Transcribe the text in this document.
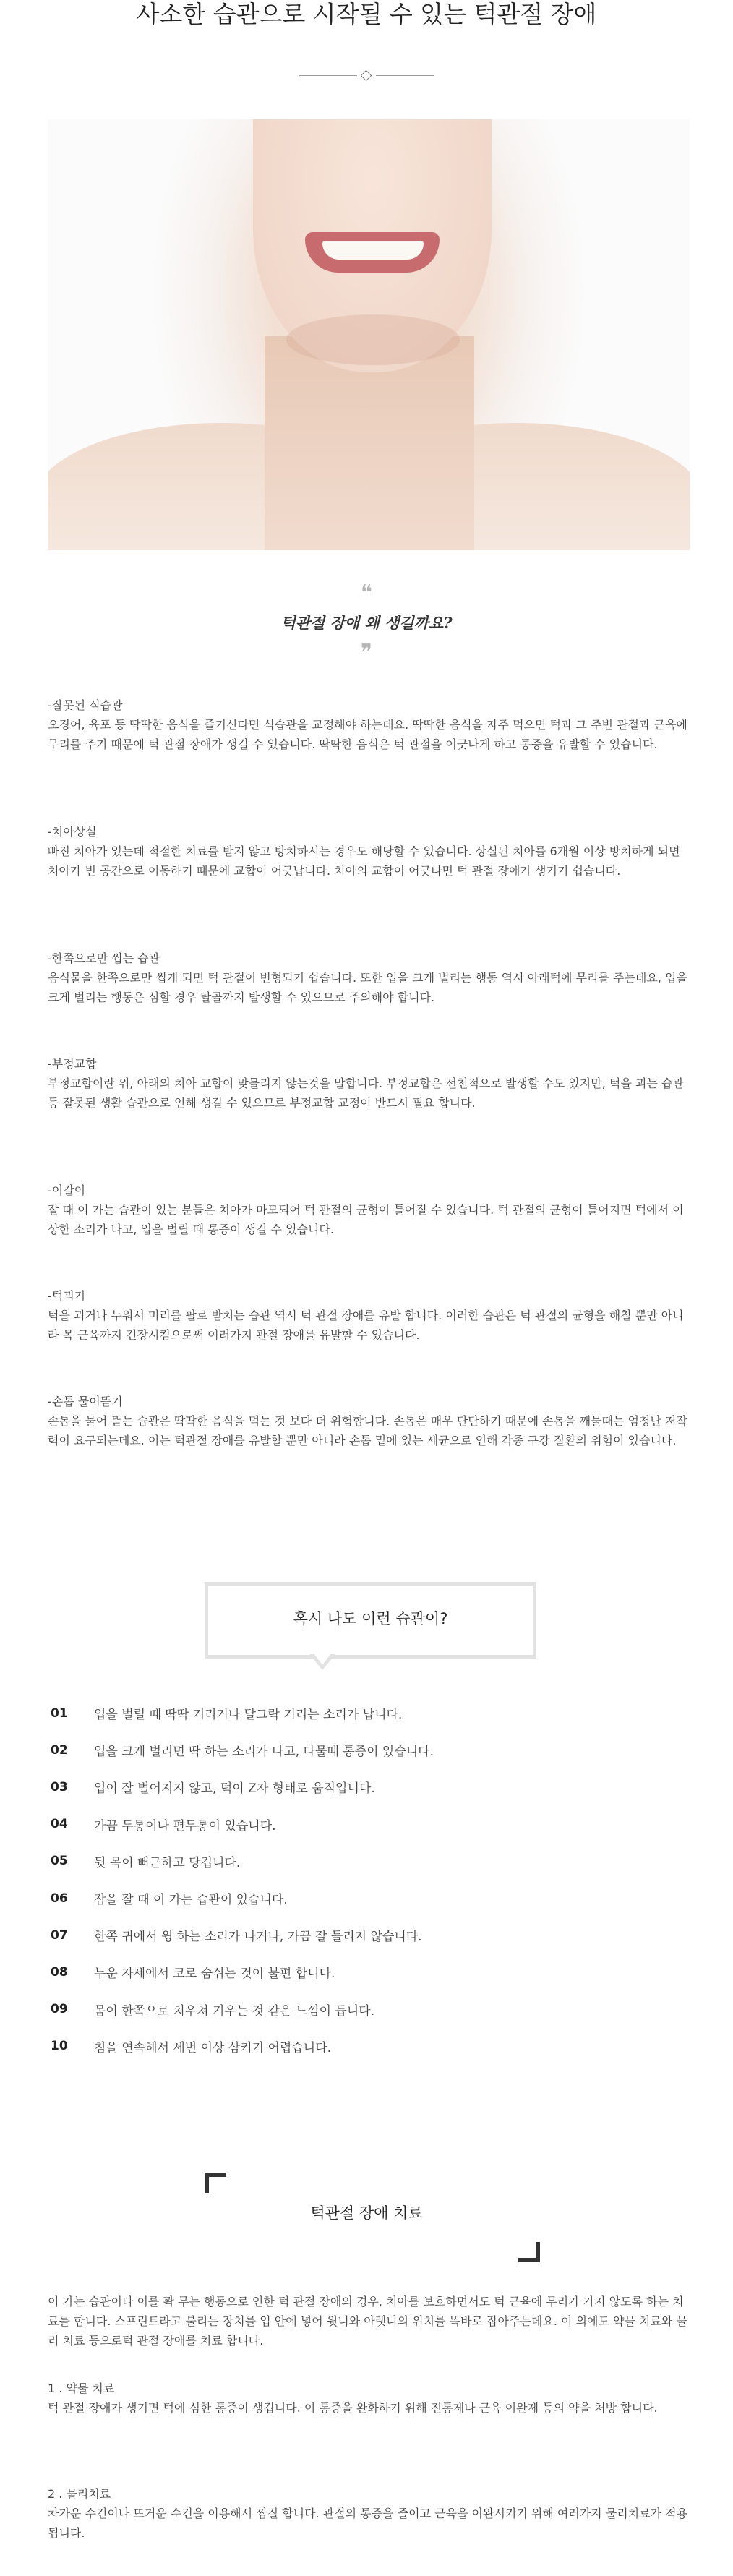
사소한 습관으로 시작될 수 있는 턱관절 장애
❝
턱관절 장애 왜 생길까요?
❞
-잘못된 식습관
오징어, 육포 등 딱딱한 음식을 즐기신다면 식습관을 교정해야 하는데요. 딱딱한 음식을 자주 먹으면 턱과 그 주변 관절과 근육에 무리를 주기 때문에 턱 관절 장애가 생길 수 있습니다. 딱딱한 음식은 턱 관절을 어긋나게 하고 통증을 유발할 수 있습니다.
-치아상실
빠진 치아가 있는데 적절한 치료를 받지 않고 방치하시는 경우도 해당할 수 있습니다. 상실된 치아를 6개월 이상 방치하게 되면 치아가 빈 공간으로 이동하기 때문에 교합이 어긋납니다. 치아의 교합이 어긋나면 턱 관절 장애가 생기기 쉽습니다.
-한쪽으로만 씹는 습관
음식물을 한쪽으로만 씹게 되면 턱 관절이 변형되기 쉽습니다. 또한 입을 크게 벌리는 행동 역시 아래턱에 무리를 주는데요, 입을 크게 벌리는 행동은 심할 경우 탈골까지 발생할 수 있으므로 주의해야 합니다.
-부정교합
부정교합이란 위, 아래의 치아 교합이 맞물리지 않는것을 말합니다. 부정교합은 선천적으로 발생할 수도 있지만, 턱을 괴는 습관 등 잘못된 생활 습관으로 인해 생길 수 있으므로 부정교합 교정이 반드시 필요 합니다.
-이갈이
잘 때 이 가는 습관이 있는 분들은 치아가 마모되어 턱 관절의 균형이 틀어질 수 있습니다. 턱 관절의 균형이 틀어지면 턱에서 이상한 소리가 나고, 입을 벌릴 때 통증이 생길 수 있습니다.
-턱괴기
턱을 괴거나 누워서 머리를 팔로 받치는 습관 역시 턱 관절 장애를 유발 합니다. 이러한 습관은 턱 관절의 균형을 해칠 뿐만 아니라 목 근육까지 긴장시킴으로써 여러가지 관절 장애를 유발할 수 있습니다.
-손톱 물어뜯기
손톱을 물어 뜯는 습관은 딱딱한 음식을 먹는 것 보다 더 위험합니다. 손톱은 매우 단단하기 때문에 손톱을 깨물때는 엄청난 저작력이 요구되는데요. 이는 턱관절 장애를 유발할 뿐만 아니라 손톱 밑에 있는 세균으로 인해 각종 구강 질환의 위험이 있습니다.
혹시 나도 이런 습관이?
01	입을 벌릴 때 딱딱 거리거나 달그락 거리는 소리가 납니다.
02	입을 크게 벌리면 딱 하는 소리가 나고, 다물때 통증이 있습니다.
03	입이 잘 벌어지지 않고, 턱이 Z자 형태로 움직입니다.
04	가끔 두통이나 편두통이 있습니다.
05	뒷 목이 뻐근하고 당깁니다.
06	잠을 잘 때 이 가는 습관이 있습니다.
07	한쪽 귀에서 윙 하는 소리가 나거나, 가끔 잘 들리지 않습니다.
08	누운 자세에서 코로 숨쉬는 것이 불편 합니다.
09	몸이 한쪽으로 치우쳐 기우는 것 같은 느낌이 듭니다.
10	침을 연속해서 세번 이상 삼키기 어렵습니다.
턱관절 장애 치료
이 가는 습관이나 이를 꽉 무는 행동으로 인한 턱 관절 장애의 경우, 치아를 보호하면서도 턱 근육에 무리가 가지 않도록 하는 치료를 합니다. 스프린트라고 불리는 장치를 입 안에 넣어 윗니와 아랫니의 위치를 똑바로 잡아주는데요. 이 외에도 약물 치료와 물리 치료 등으로턱 관절 장애를 치료 합니다.
1 . 약물 치료
턱 관절 장애가 생기면 턱에 심한 통증이 생깁니다. 이 통증을 완화하기 위해 진통제나 근육 이완제 등의 약을 처방 합니다.
2 . 물리치료
차가운 수건이나 뜨거운 수건을 이용해서 찜질 합니다. 관절의 통증을 줄이고 근육을 이완시키기 위해 여러가지 물리치료가 적용 됩니다.
